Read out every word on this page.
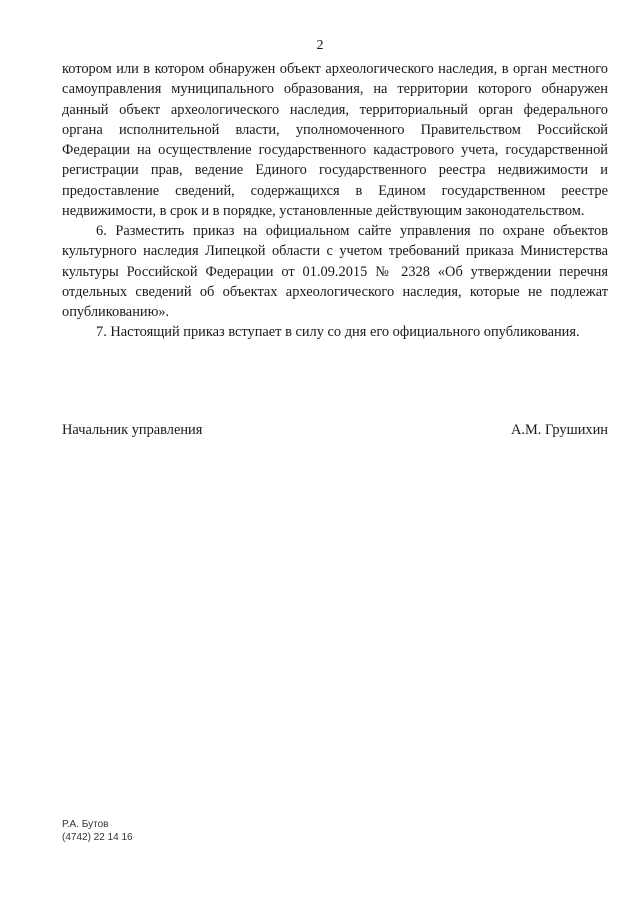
2

котором или в котором обнаружен объект археологического наследия, в орган местного самоуправления муниципального образования, на территории которого обнаружен данный объект археологического наследия, территориальный орган федерального органа исполнительной власти, уполномоченного Правительством Российской Федерации на осуществление государственного кадастрового учета, государственной регистрации прав, ведение Единого государственного реестра недвижимости и предоставление сведений, содержащихся в Едином государственном реестре недвижимости, в срок и в порядке, установленные действующим законодательством.

6. Разместить приказ на официальном сайте управления по охране объектов культурного наследия Липецкой области с учетом требований приказа Министерства культуры Российской Федерации от 01.09.2015 № 2328 «Об утверждении перечня отдельных сведений об объектах археологического наследия, которые не подлежат опубликованию».

7. Настоящий приказ вступает в силу со дня его официального опубликования.

Начальник управления	А.М. Грушихин
Р.А. Бутов
(4742) 22 14 16
